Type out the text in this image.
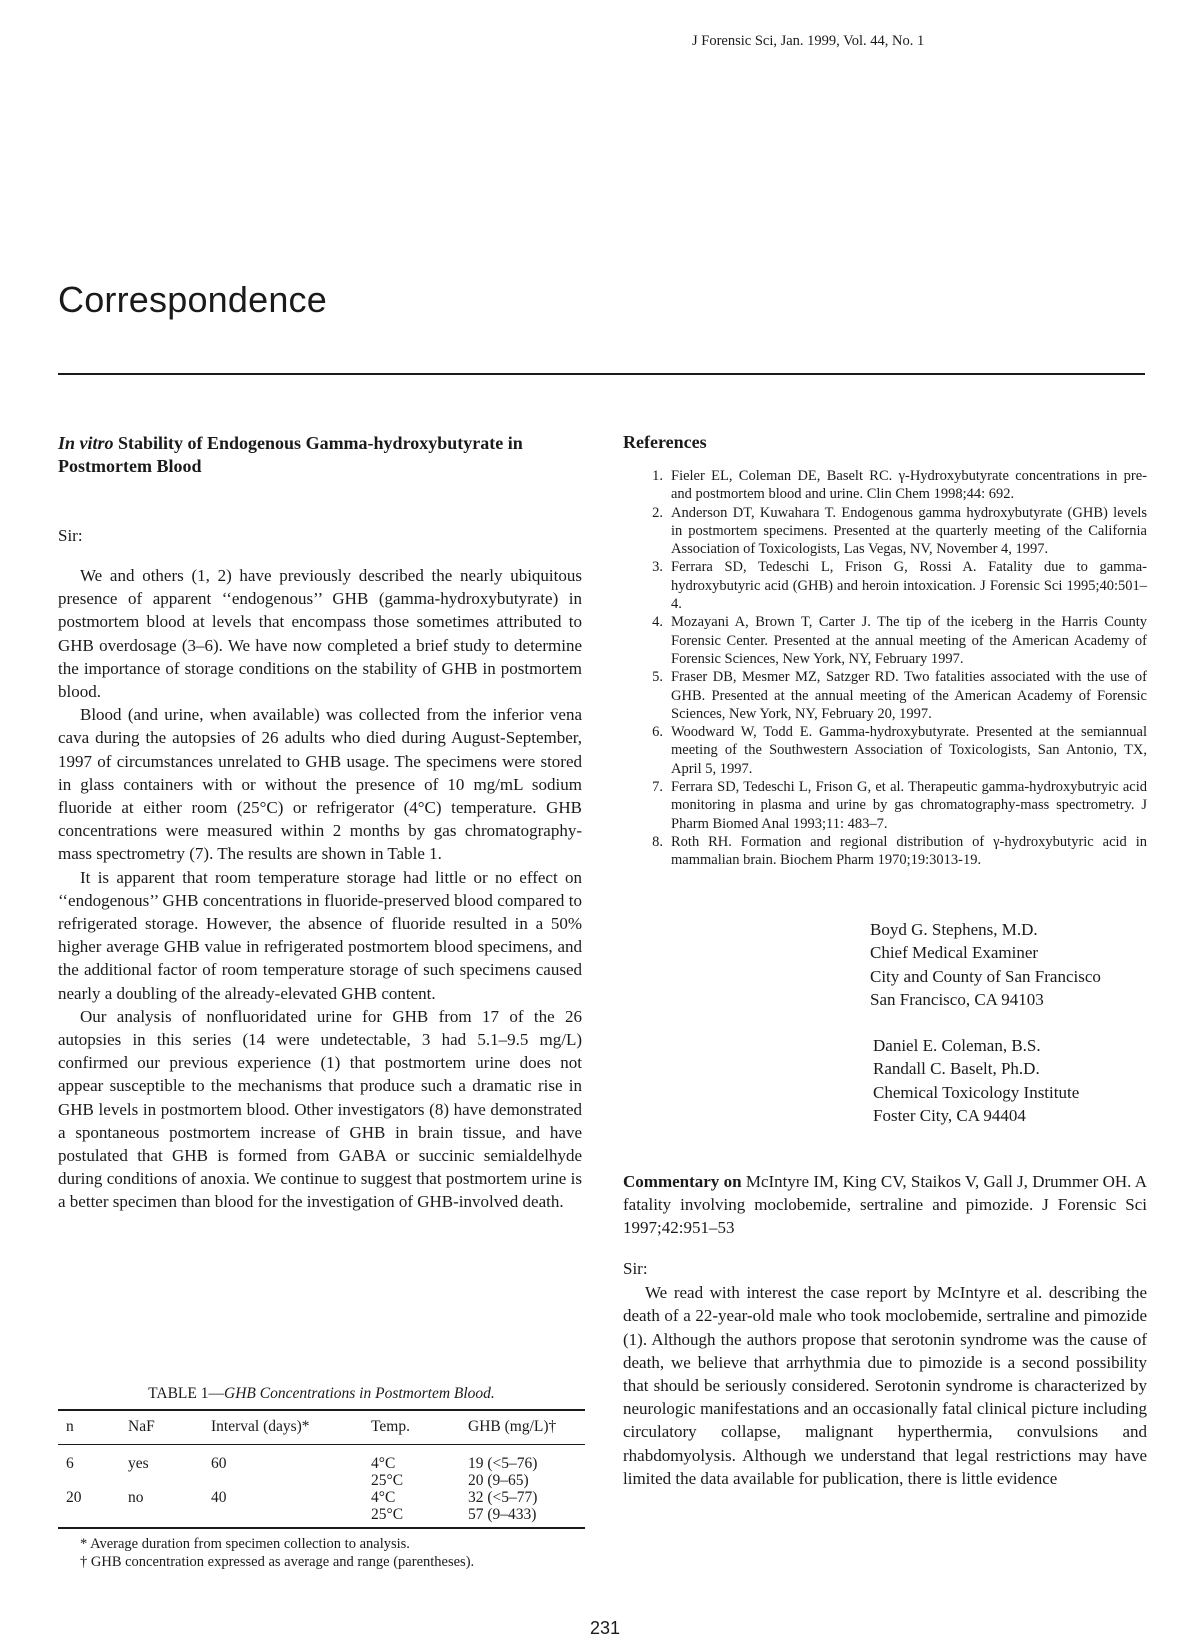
J Forensic Sci, Jan. 1999, Vol. 44, No. 1
Correspondence
In vitro Stability of Endogenous Gamma-hydroxybutyrate in Postmortem Blood
Sir:

We and others (1, 2) have previously described the nearly ubiquitous presence of apparent ‘‘endogenous’’ GHB (gamma-hydroxybutyrate) in postmortem blood at levels that encompass those sometimes attributed to GHB overdosage (3–6). We have now completed a brief study to determine the importance of storage conditions on the stability of GHB in postmortem blood.

Blood (and urine, when available) was collected from the inferior vena cava during the autopsies of 26 adults who died during August-September, 1997 of circumstances unrelated to GHB usage. The specimens were stored in glass containers with or without the presence of 10 mg/mL sodium fluoride at either room (25°C) or refrigerator (4°C) temperature. GHB concentrations were measured within 2 months by gas chromatography-mass spectrometry (7). The results are shown in Table 1.

It is apparent that room temperature storage had little or no effect on ‘‘endogenous’’ GHB concentrations in fluoride-preserved blood compared to refrigerated storage. However, the absence of fluoride resulted in a 50% higher average GHB value in refrigerated postmortem blood specimens, and the additional factor of room temperature storage of such specimens caused nearly a doubling of the already-elevated GHB content.

Our analysis of nonfluoridated urine for GHB from 17 of the 26 autopsies in this series (14 were undetectable, 3 had 5.1–9.5 mg/L) confirmed our previous experience (1) that postmortem urine does not appear susceptible to the mechanisms that produce such a dramatic rise in GHB levels in postmortem blood. Other investigators (8) have demonstrated a spontaneous postmortem increase of GHB in brain tissue, and have postulated that GHB is formed from GABA or succinic semialdelhyde during conditions of anoxia. We continue to suggest that postmortem urine is a better specimen than blood for the investigation of GHB-involved death.

TABLE 1—GHB Concentrations in Postmortem Blood.
n	NaF	Interval (days)*	Temp.	GHB (mg/L)†
6	yes	60	4°C	19 (<5–76)
			25°C	20 (9–65)
20	no	40	4°C	32 (<5–77)
			25°C	57 (9–433)
* Average duration from specimen collection to analysis.
† GHB concentration expressed as average and range (parentheses).
References
1. Fieler EL, Coleman DE, Baselt RC. γ-Hydroxybutyrate concentrations in pre- and postmortem blood and urine. Clin Chem 1998;44: 692.
2. Anderson DT, Kuwahara T. Endogenous gamma hydroxybutyrate (GHB) levels in postmortem specimens. Presented at the quarterly meeting of the California Association of Toxicologists, Las Vegas, NV, November 4, 1997.
3. Ferrara SD, Tedeschi L, Frison G, Rossi A. Fatality due to gamma-hydroxybutyric acid (GHB) and heroin intoxication. J Forensic Sci 1995;40:501–4.
4. Mozayani A, Brown T, Carter J. The tip of the iceberg in the Harris County Forensic Center. Presented at the annual meeting of the American Academy of Forensic Sciences, New York, NY, February 1997.
5. Fraser DB, Mesmer MZ, Satzger RD. Two fatalities associated with the use of GHB. Presented at the annual meeting of the American Academy of Forensic Sciences, New York, NY, February 20, 1997.
6. Woodward W, Todd E. Gamma-hydroxybutyrate. Presented at the semiannual meeting of the Southwestern Association of Toxicologists, San Antonio, TX, April 5, 1997.
7. Ferrara SD, Tedeschi L, Frison G, et al. Therapeutic gamma-hydroxybutryic acid monitoring in plasma and urine by gas chromatography-mass spectrometry. J Pharm Biomed Anal 1993;11: 483–7.
8. Roth RH. Formation and regional distribution of γ-hydroxybutyric acid in mammalian brain. Biochem Pharm 1970;19:3013-19.
Boyd G. Stephens, M.D.
Chief Medical Examiner
City and County of San Francisco
San Francisco, CA 94103
Daniel E. Coleman, B.S.
Randall C. Baselt, Ph.D.
Chemical Toxicology Institute
Foster City, CA 94404
Commentary on McIntyre IM, King CV, Staikos V, Gall J, Drummer OH. A fatality involving moclobemide, sertraline and pimozide. J Forensic Sci 1997;42:951–53
Sir:

We read with interest the case report by McIntyre et al. describing the death of a 22-year-old male who took moclobemide, sertraline and pimozide (1). Although the authors propose that serotonin syndrome was the cause of death, we believe that arrhythmia due to pimozide is a second possibility that should be seriously considered. Serotonin syndrome is characterized by neurologic manifestations and an occasionally fatal clinical picture including circulatory collapse, malignant hyperthermia, convulsions and rhabdomyolysis. Although we understand that legal restrictions may have limited the data available for publication, there is little evidence

231
